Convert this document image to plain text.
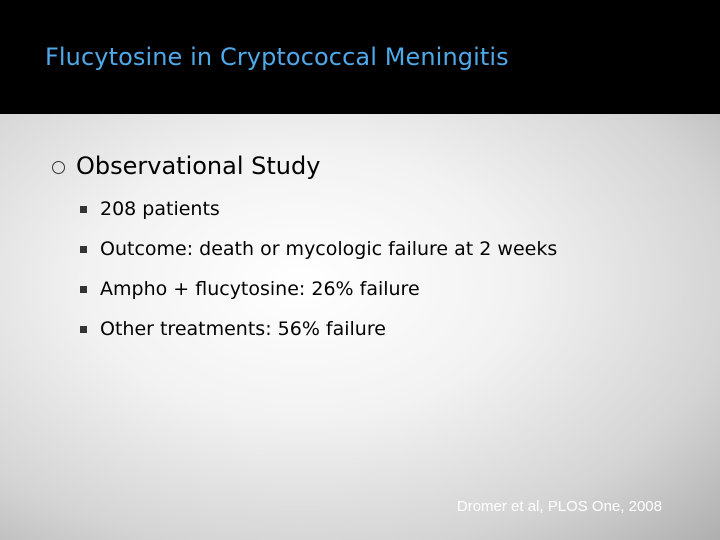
Flucytosine in Cryptococcal Meningitis
Observational Study
208 patients
Outcome: death or mycologic failure at 2 weeks
Ampho + flucytosine: 26% failure
Other treatments: 56% failure
Dromer et al, PLOS One, 2008
